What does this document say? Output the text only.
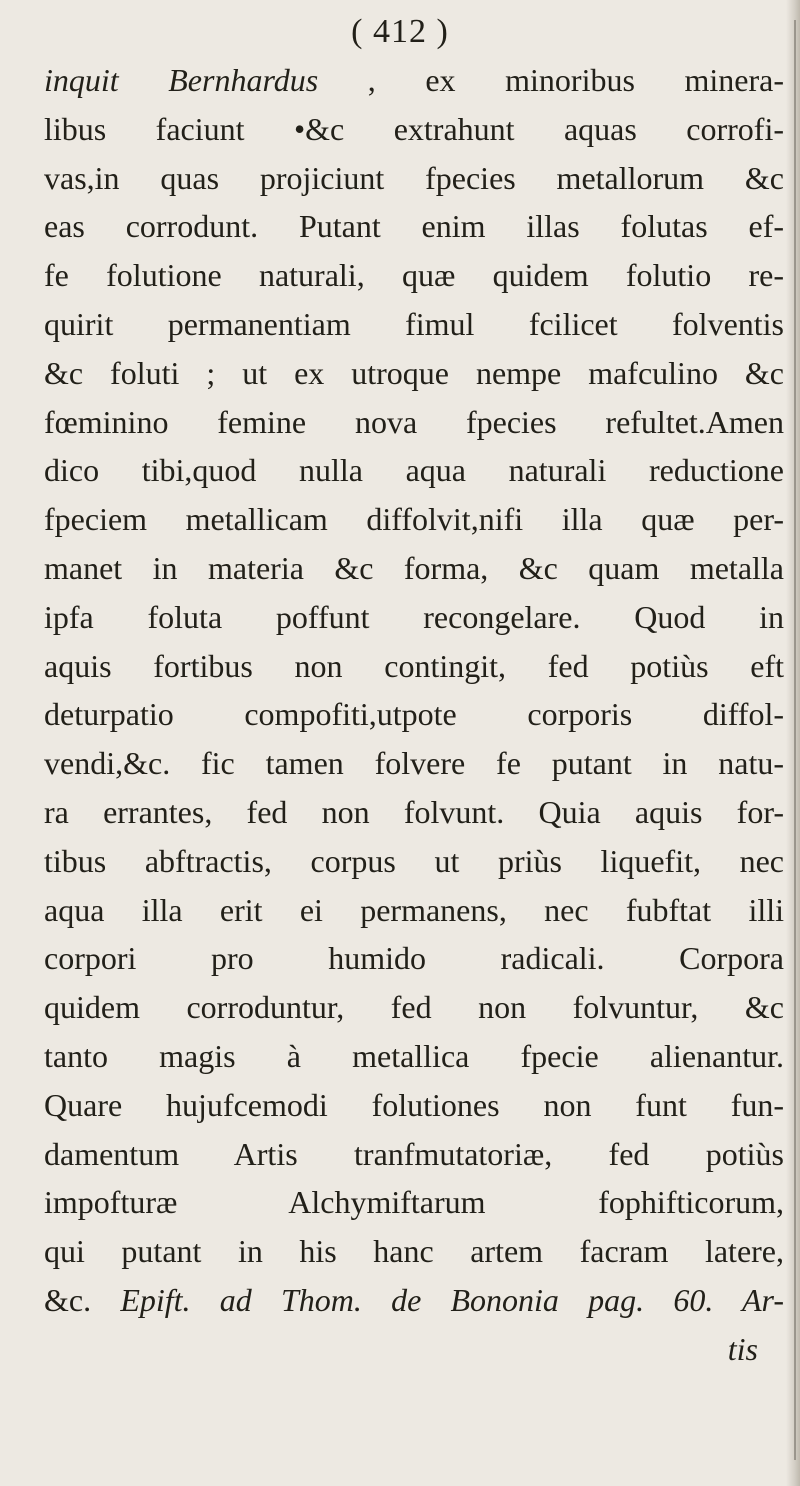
( 412 )
inquit Bernhardus , ex minoribus minera-
libus faciunt •&c extrahunt aquas corrofi-
vas,in quas projiciunt fpecies metallorum &c
eas corrodunt. Putant enim illas folutas ef-
fe folutione naturali, quæ quidem folutio re-
quirit permanentiam fimul fcilicet folventis
&c foluti ; ut ex utroque nempe mafculino &c
fœminino femine nova fpecies refultet.Amen
dico tibi,quod nulla aqua naturali reductione
fpeciem metallicam diffolvit,nifi illa quæ per-
manet in materia &c forma, &c quam metalla
ipfa foluta poffunt recongelare. Quod in
aquis fortibus non contingit, fed potiùs eft
deturpatio compofiti,utpote corporis diffol-
vendi,&c. fic tamen folvere fe putant in natu-
ra errantes, fed non folvunt. Quia aquis for-
tibus abftractis, corpus ut priùs liquefit, nec
aqua illa erit ei permanens, nec fubftat illi
corpori pro humido radicali. Corpora
quidem corroduntur, fed non folvuntur, &c
tanto magis à metallica fpecie alienantur.
Quare hujufcemodi folutiones non funt fun-
damentum Artis tranfmutatoriæ, fed potiùs
impofturæ Alchymiftarum fophifticorum,
qui putant in his hanc artem facram latere,
&c. Epift. ad Thom. de Bononia pag. 60. Ar-
tis
